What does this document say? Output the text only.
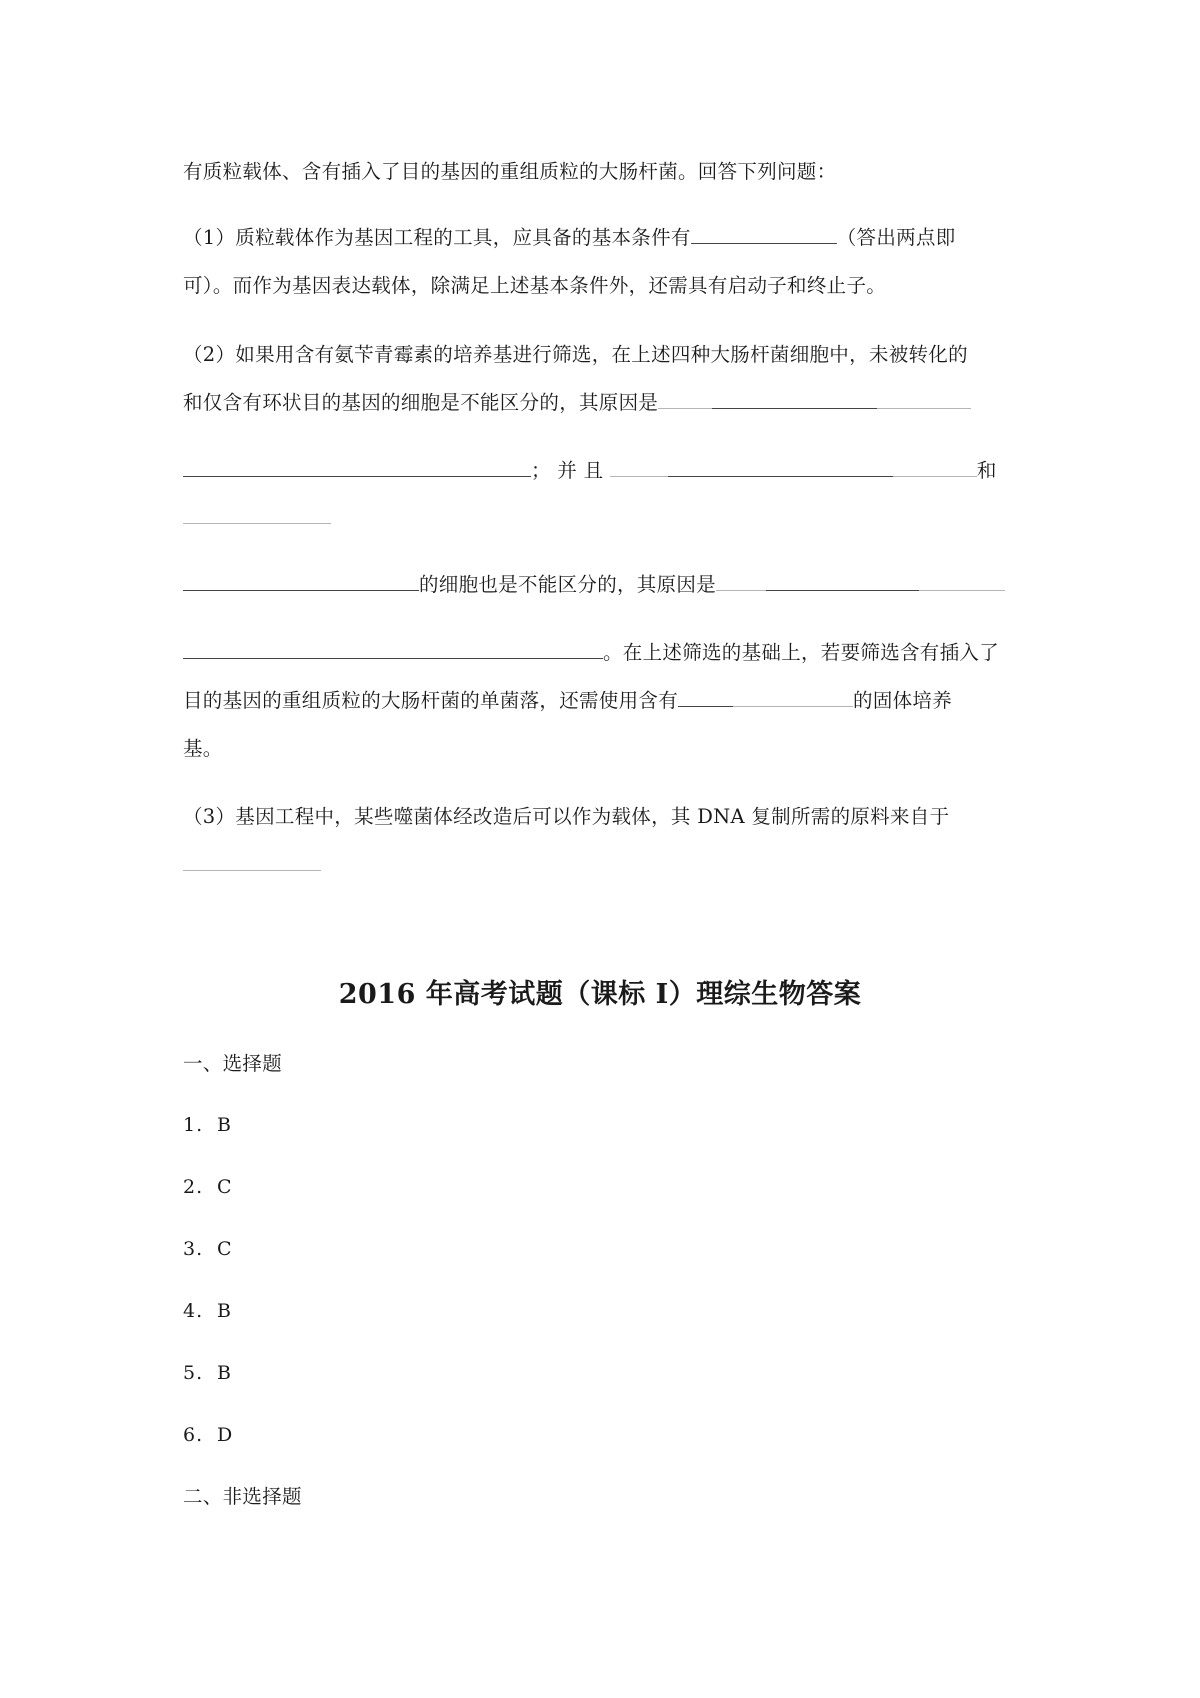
有质粒载体、含有插入了目的基因的重组质粒的大肠杆菌。回答下列问题：
（1）质粒载体作为基因工程的工具，应具备的基本条件有	（答出两点即
可）。而作为基因表达载体，除满足上述基本条件外，还需具有启动子和终止子。
（2）如果用含有氨苄青霉素的培养基进行筛选，在上述四种大肠杆菌细胞中，未被转化的
和仅含有环状目的基因的细胞是不能区分的，其原因是
； 并 且	和
的细胞也是不能区分的，其原因是
。在上述筛选的基础上，若要筛选含有插入了
目的基因的重组质粒的大肠杆菌的单菌落，还需使用含有	的固体培养
基。
（3）基因工程中，某些噬菌体经改造后可以作为载体，其 DNA 复制所需的原料来自于
2016 年高考试题（课标 Ⅰ）理综生物答案
一、选择题
1. B
2. C
3. C
4. B
5. B
6. D
二、非选择题
